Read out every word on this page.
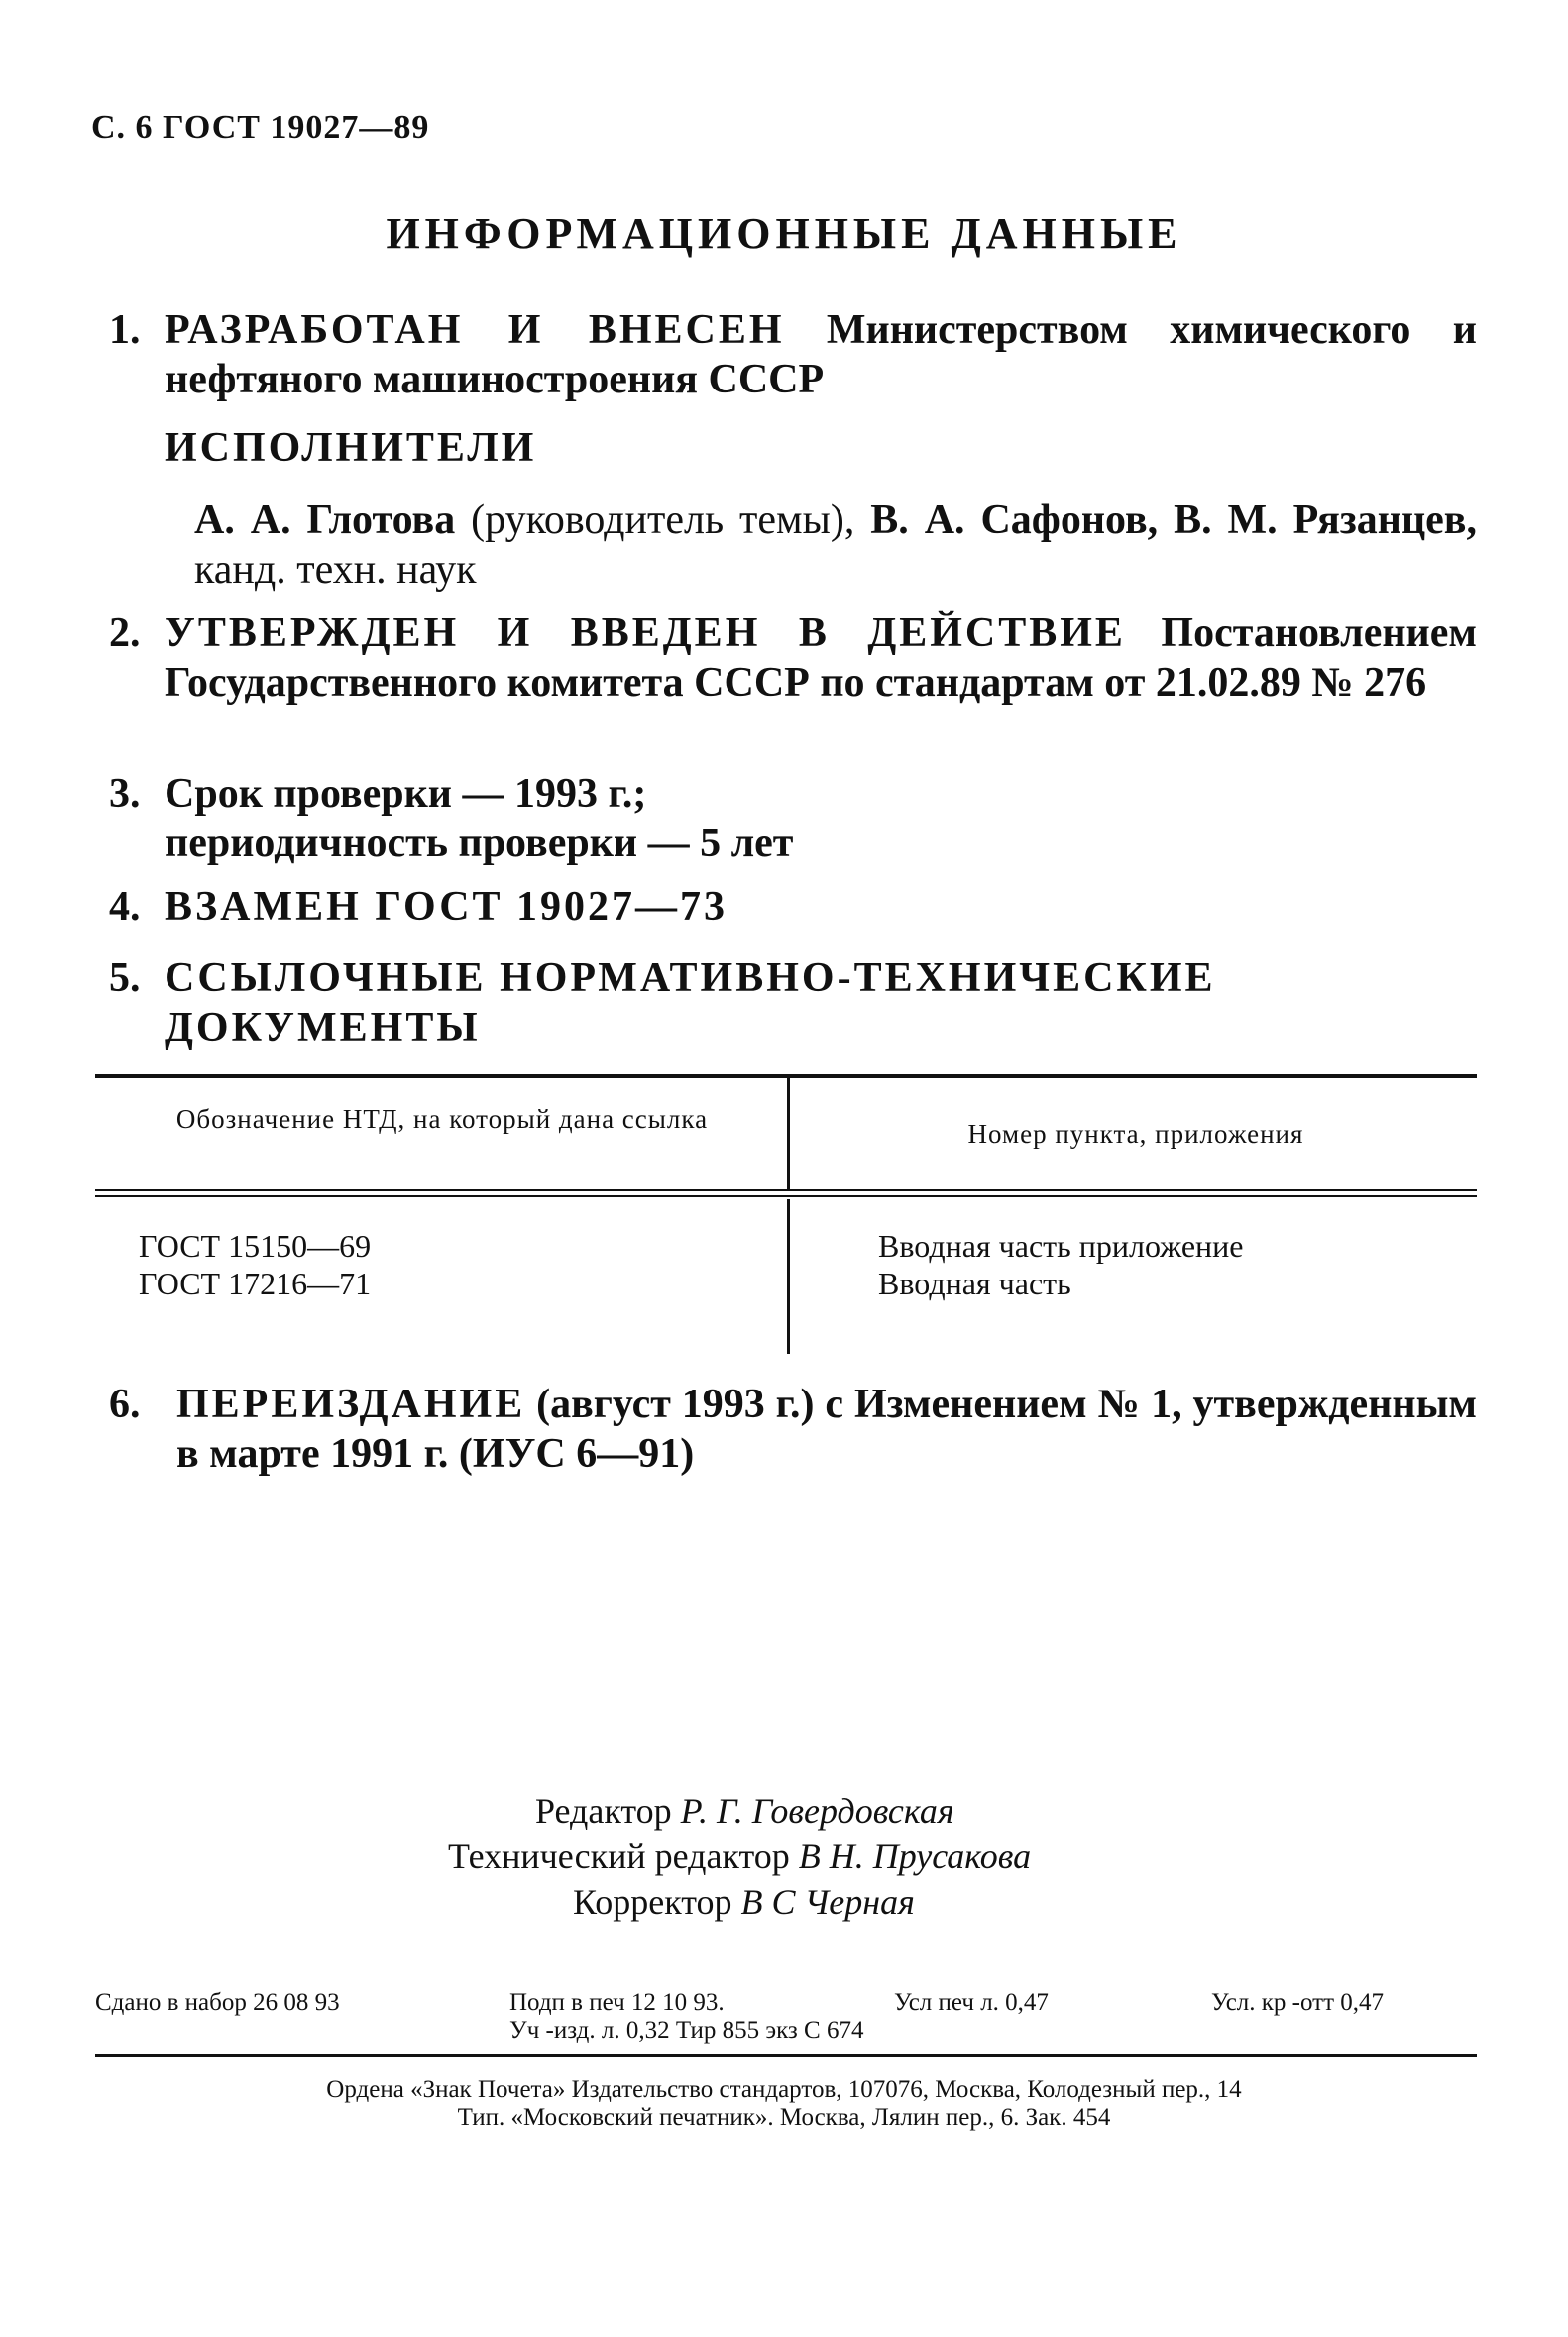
С. 6 ГОСТ 19027—89
ИНФОРМАЦИОННЫЕ ДАННЫЕ
1. РАЗРАБОТАН И ВНЕСЕН Министерством химического и нефтяного машиностроения СССР
ИСПОЛНИТЕЛИ
А. А. Глотова (руководитель темы), В. А. Сафонов, В. М. Рязанцев, канд. техн. наук
2. УТВЕРЖДЕН И ВВЕДЕН В ДЕЙСТВИЕ Постановлением Государственного комитета СССР по стандартам от 21.02.89 № 276
3. Срок проверки — 1993 г.;
периодичность проверки — 5 лет
4. ВЗАМЕН ГОСТ 19027—73
5. ССЫЛОЧНЫЕ НОРМАТИВНО-ТЕХНИЧЕСКИЕ ДОКУМЕНТЫ
Обозначение НТД, на который дана ссылка	Номер пункта, приложения
ГОСТ 15150—69	Вводная часть приложение
ГОСТ 17216—71	Вводная часть
6. ПЕРЕИЗДАНИЕ (август 1993 г.) с Изменением № 1, утвержденным в марте 1991 г. (ИУС 6—91)
Редактор Р. Г. Говердовская
Технический редактор В Н. Прусакова
Корректор В С Черная
Сдано в набор 26 08 93	Подп в печ 12 10 93.	Усл печ л. 0,47	Усл. кр -отт 0,47
Уч -изд. л. 0,32 Тир 855 экз С 674
Ордена «Знак Почета» Издательство стандартов, 107076, Москва, Колодезный пер., 14
Тип. «Московский печатник». Москва, Лялин пер., 6. Зак. 454
